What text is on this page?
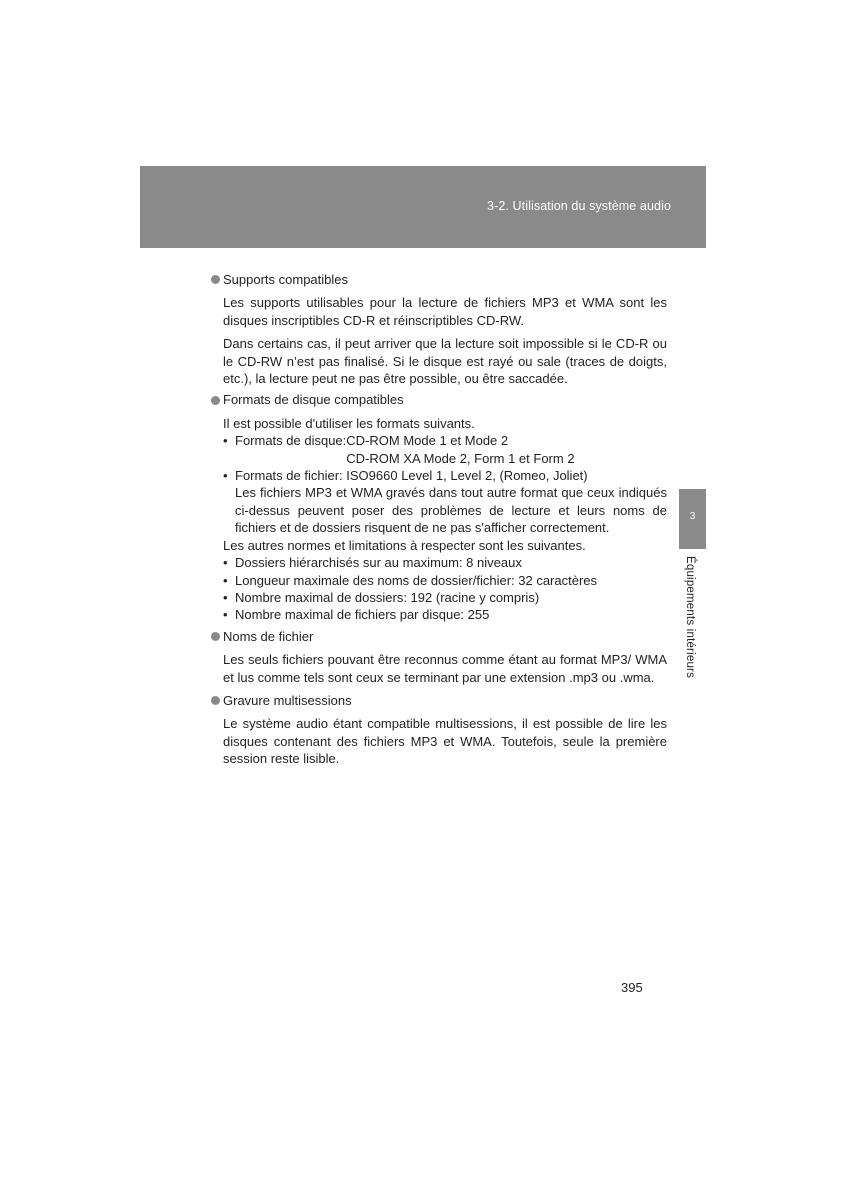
3-2. Utilisation du système audio
3
Équipements intérieurs
Supports compatibles

Les supports utilisables pour la lecture de fichiers MP3 et WMA sont les disques inscriptibles CD-R et réinscriptibles CD-RW.

Dans certains cas, il peut arriver que la lecture soit impossible si le CD-R ou le CD-RW n’est pas finalisé. Si le disque est rayé ou sale (traces de doigts, etc.), la lecture peut ne pas être possible, ou être saccadée.

Formats de disque compatibles

Il est possible d'utiliser les formats suivants.

• Formats de disque: CD-ROM Mode 1 et Mode 2
CD-ROM XA Mode 2, Form 1 et Form 2
• Formats de fichier: ISO9660 Level 1, Level 2, (Romeo, Joliet)
Les fichiers MP3 et WMA gravés dans tout autre format que ceux indiqués ci-dessus peuvent poser des problèmes de lecture et leurs noms de fichiers et de dossiers risquent de ne pas s'afficher correctement.

Les autres normes et limitations à respecter sont les suivantes.

• Dossiers hiérarchisés sur au maximum: 8 niveaux
• Longueur maximale des noms de dossier/fichier: 32 caractères
• Nombre maximal de dossiers: 192 (racine y compris)
• Nombre maximal de fichiers par disque: 255
Noms de fichier

Les seuls fichiers pouvant être reconnus comme étant au format MP3/ WMA et lus comme tels sont ceux se terminant par une extension .mp3 ou .wma.

Gravure multisessions

Le système audio étant compatible multisessions, il est possible de lire les disques contenant des fichiers MP3 et WMA. Toutefois, seule la première session reste lisible.

395
